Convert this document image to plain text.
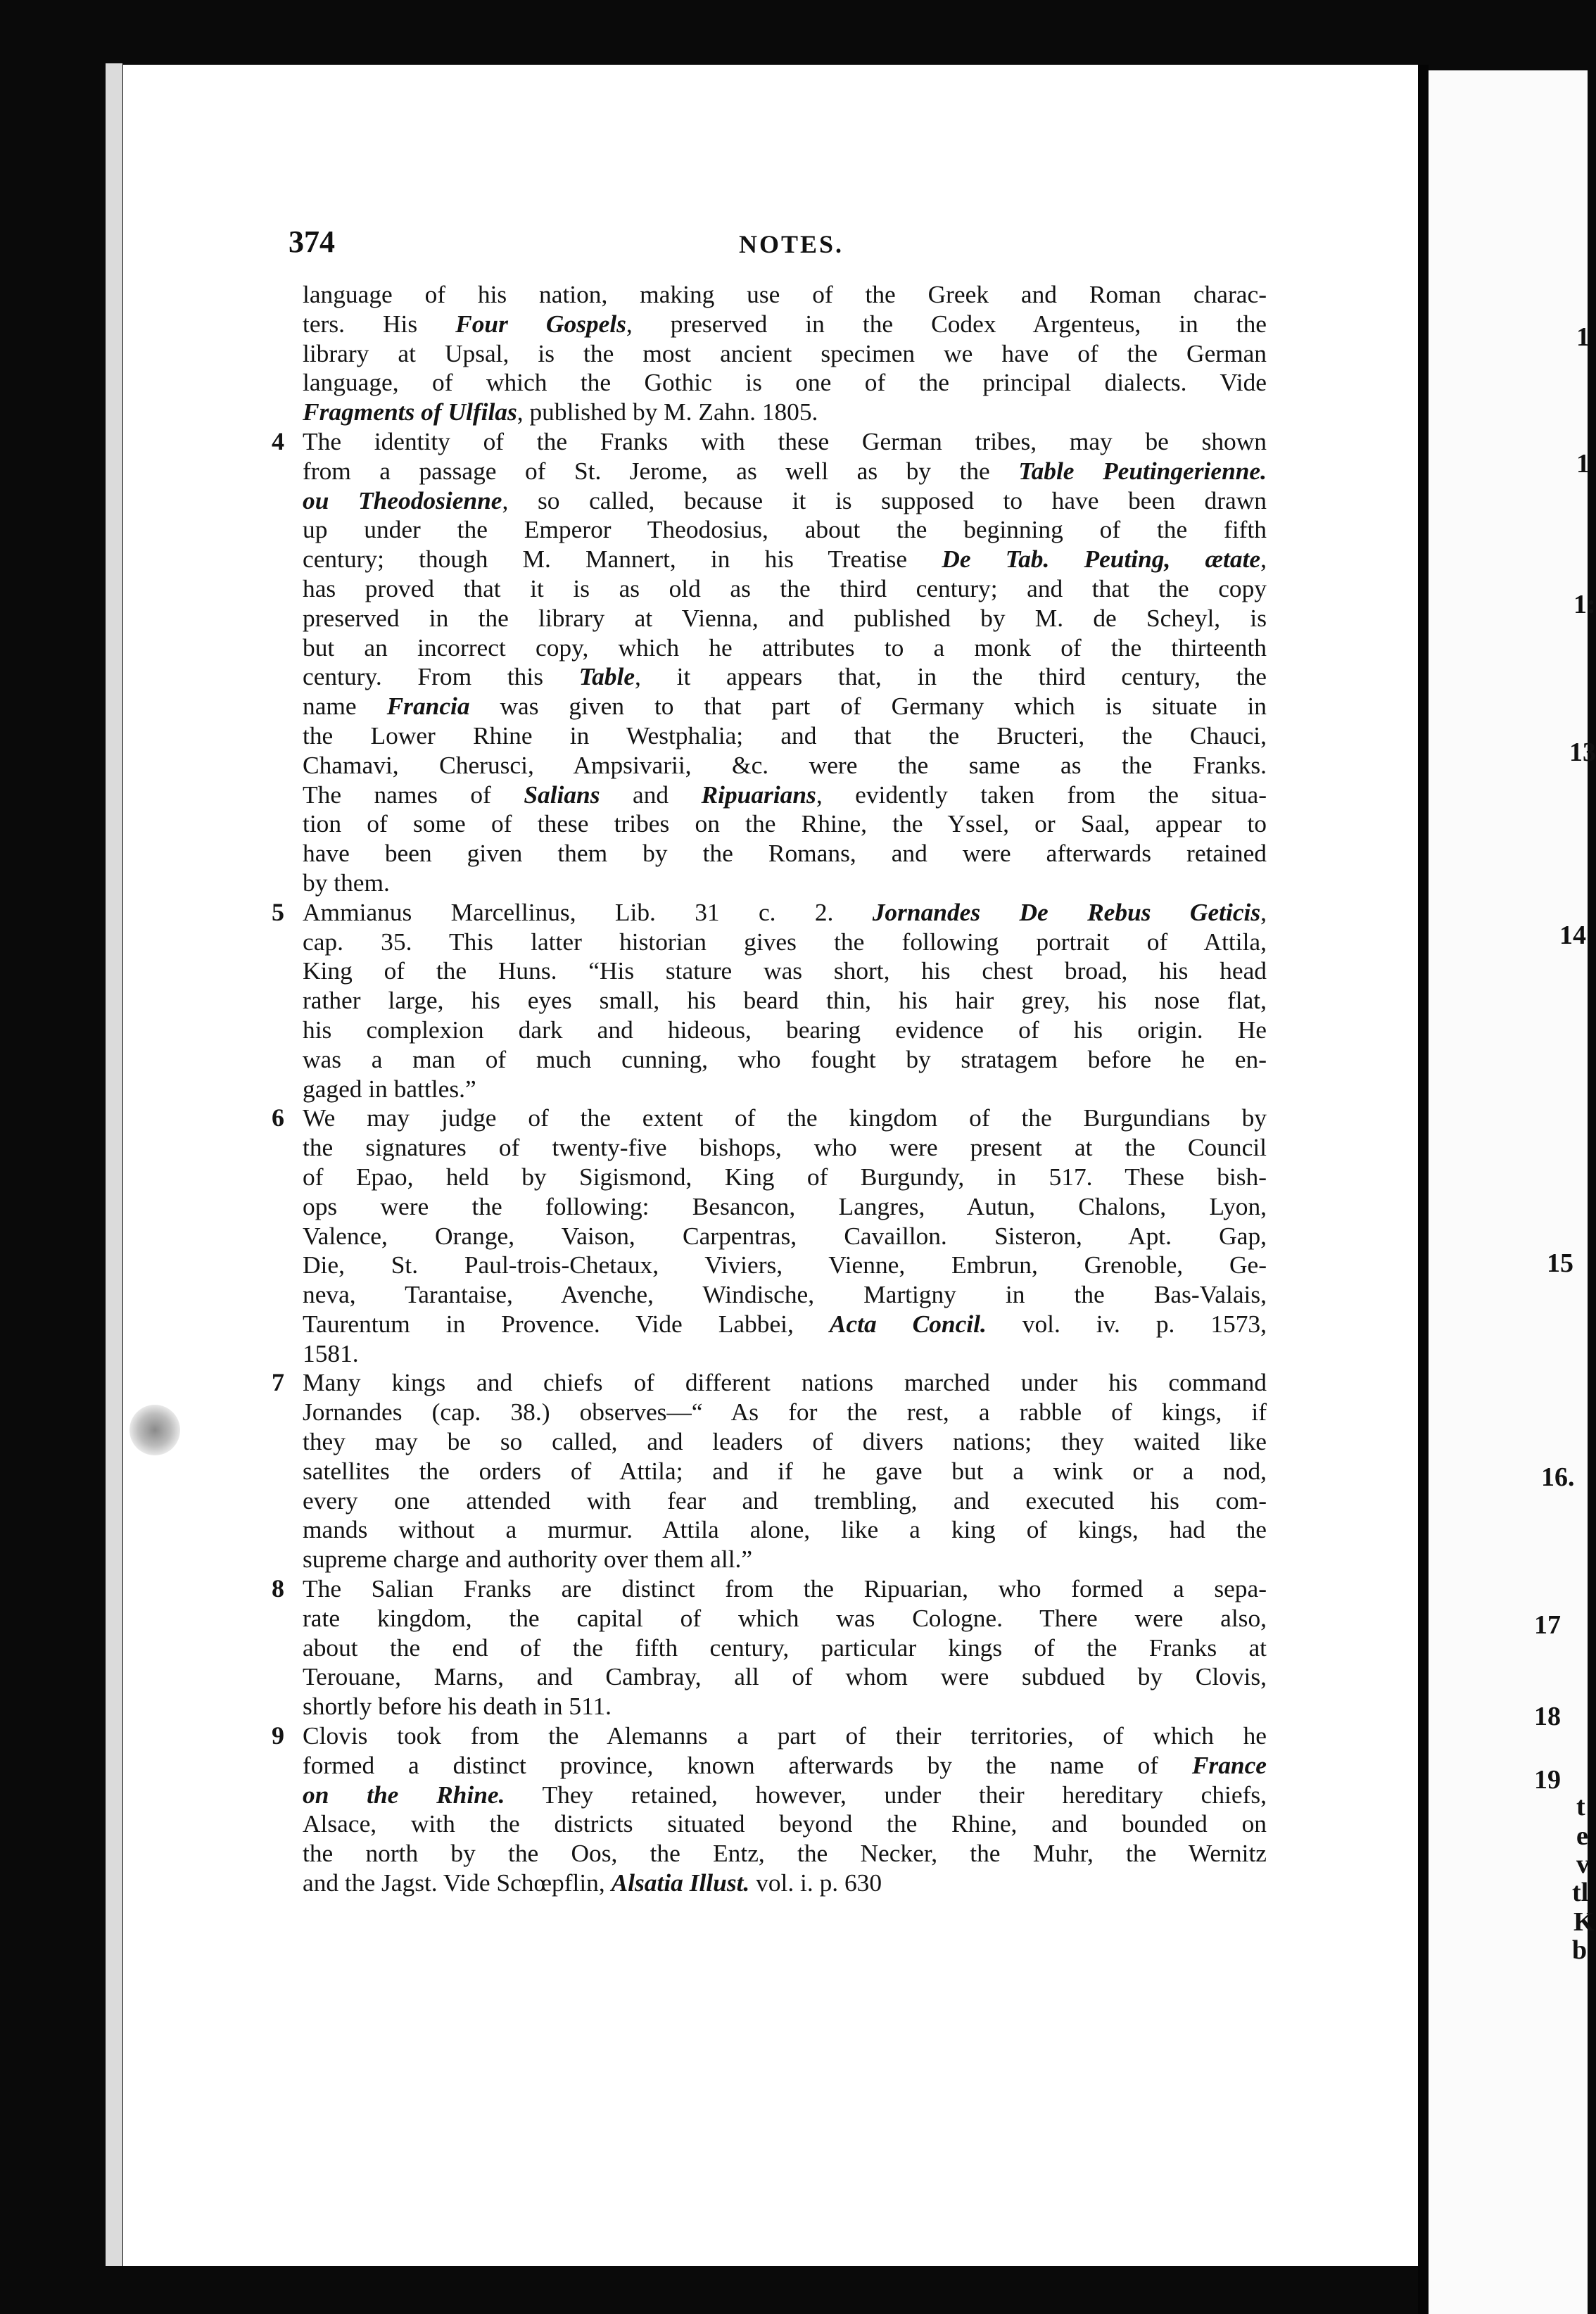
1
1
1:
13
14
15
16.
17
18
19
t
e
v
tl
K
b
374	NOTES.
language of his nation, making use of the Greek and Roman charac-
ters. His Four Gospels, preserved in the Codex Argenteus, in the
library at Upsal, is the most ancient specimen we have of the German
language, of which the Gothic is one of the principal dialects. Vide
Fragments of Ulfilas, published by M. Zahn. 1805.
4 The identity of the Franks with these German tribes, may be shown
from a passage of St. Jerome, as well as by the Table Peutingerienne.
ou Theodosienne, so called, because it is supposed to have been drawn
up under the Emperor Theodosius, about the beginning of the fifth
century; though M. Mannert, in his Treatise De Tab. Peuting, ætate,
has proved that it is as old as the third century; and that the copy
preserved in the library at Vienna, and published by M. de Scheyl, is
but an incorrect copy, which he attributes to a monk of the thirteenth
century. From this Table, it appears that, in the third century, the
name Francia was given to that part of Germany which is situate in
the Lower Rhine in Westphalia; and that the Bructeri, the Chauci,
Chamavi, Cherusci, Ampsivarii, &c. were the same as the Franks.
The names of Salians and Ripuarians, evidently taken from the situa-
tion of some of these tribes on the Rhine, the Yssel, or Saal, appear to
have been given them by the Romans, and were afterwards retained
by them.
5 Ammianus Marcellinus, Lib. 31 c. 2. Jornandes De Rebus Geticis,
cap. 35. This latter historian gives the following portrait of Attila,
King of the Huns. “His stature was short, his chest broad, his head
rather large, his eyes small, his beard thin, his hair grey, his nose flat,
his complexion dark and hideous, bearing evidence of his origin. He
was a man of much cunning, who fought by stratagem before he en-
gaged in battles.”
6 We may judge of the extent of the kingdom of the Burgundians by
the signatures of twenty-five bishops, who were present at the Council
of Epao, held by Sigismond, King of Burgundy, in 517. These bish-
ops were the following: Besancon, Langres, Autun, Chalons, Lyon,
Valence, Orange, Vaison, Carpentras, Cavaillon. Sisteron, Apt. Gap,
Die, St. Paul-trois-Chetaux, Viviers, Vienne, Embrun, Grenoble, Ge-
neva, Tarantaise, Avenche, Windische, Martigny in the Bas-Valais,
Taurentum in Provence. Vide Labbei, Acta Concil. vol. iv. p. 1573,
1581.
7 Many kings and chiefs of different nations marched under his command
Jornandes (cap. 38.) observes—“ As for the rest, a rabble of kings, if
they may be so called, and leaders of divers nations; they waited like
satellites the orders of Attila; and if he gave but a wink or a nod,
every one attended with fear and trembling, and executed his com-
mands without a murmur. Attila alone, like a king of kings, had the
supreme charge and authority over them all.”
8 The Salian Franks are distinct from the Ripuarian, who formed a sepa-
rate kingdom, the capital of which was Cologne. There were also,
about the end of the fifth century, particular kings of the Franks at
Terouane, Marns, and Cambray, all of whom were subdued by Clovis,
shortly before his death in 511.
9 Clovis took from the Alemanns a part of their territories, of which he
formed a distinct province, known afterwards by the name of France
on the Rhine. They retained, however, under their hereditary chiefs,
Alsace, with the districts situated beyond the Rhine, and bounded on
the north by the Oos, the Entz, the Necker, the Muhr, the Wernitz
and the Jagst. Vide Schœpflin, Alsatia Illust. vol. i. p. 630
